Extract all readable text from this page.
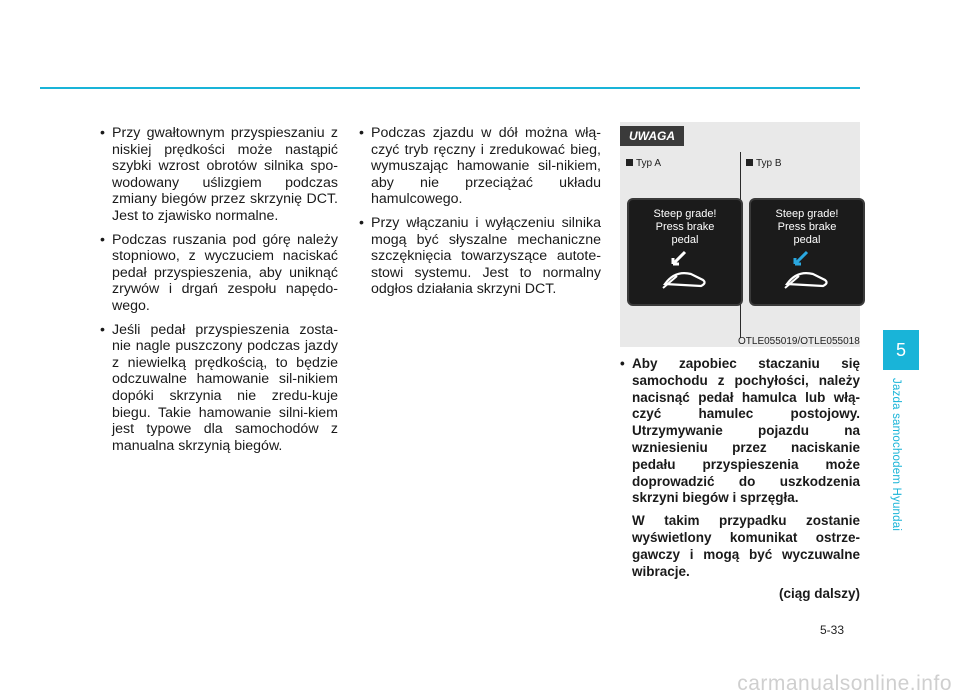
• Przy gwałtownym przyspieszaniu z niskiej prędkości może nastąpić szybki wzrost obrotów silnika spo-wodowany uślizgiem podczas zmiany biegów przez skrzynię DCT. Jest to zjawisko normalne.
• Podczas ruszania pod górę należy stopniowo, z wyczuciem naciskać pedał przyspieszenia, aby uniknąć zrywów i drgań zespołu napędo-wego.
• Jeśli pedał przyspieszenia zosta-nie nagle puszczony podczas jazdy z niewielką prędkością, to będzie odczuwalne hamowanie sil-nikiem dopóki skrzynia nie zredu-kuje biegu. Takie hamowanie silni-kiem jest typowe dla samochodów z manualna skrzynią biegów.
• Podczas zjazdu w dół można włą-czyć tryb ręczny i zredukować bieg, wymuszając hamowanie sil-nikiem, aby nie przeciążać układu hamulcowego.
• Przy włączaniu i wyłączeniu silnika mogą być słyszalne mechaniczne szczęknięcia towarzyszące autote-stowi systemu. Jest to normalny odgłos działania skrzyni DCT.
UWAGA
Typ A	Typ B
Steep grade!
Press brake
pedal
Steep grade!
Press brake
pedal
OTLE055019/OTLE055018

• Aby zapobiec staczaniu się samochodu z pochyłości, należy nacisnąć pedał hamulca lub włą-czyć hamulec postojowy. Utrzymywanie pojazdu na wzniesieniu przez naciskanie pedału przyspieszenia może doprowadzić do uszkodzenia skrzyni biegów i sprzęgła.

W takim przypadku zostanie wyświetlony komunikat ostrze-gawczy i mogą być wyczuwalne wibracje.

(ciąg dalszy)

5
Jazda samochodem Hyundai
5-33
carmanualsonline.info
